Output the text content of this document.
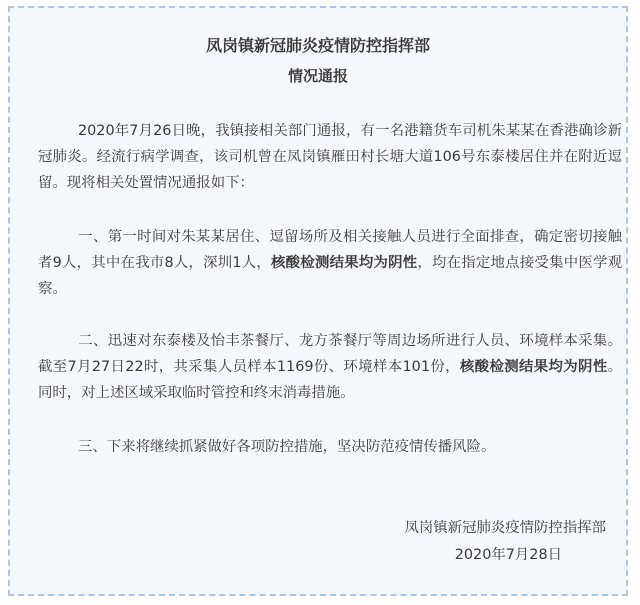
凤岗镇新冠肺炎疫情防控指挥部
情况通报
2020年7月26日晚，我镇接相关部门通报，有一名港籍货车司机朱某某在香港确诊新冠肺炎。经流行病学调查，该司机曾在凤岗镇雁田村长塘大道106号东泰楼居住并在附近逗留。现将相关处置情况通报如下：
一、第一时间对朱某某居住、逗留场所及相关接触人员进行全面排查，确定密切接触者9人，其中在我市8人，深圳1人，核酸检测结果均为阴性，均在指定地点接受集中医学观察。
二、迅速对东泰楼及怡丰茶餐厅、龙方茶餐厅等周边场所进行人员、环境样本采集。截至7月27日22时，共采集人员样本1169份、环境样本101份，核酸检测结果均为阴性。同时，对上述区域采取临时管控和终末消毒措施。
三、下来将继续抓紧做好各项防控措施，坚决防范疫情传播风险。
凤岗镇新冠肺炎疫情防控指挥部
2020年7月28日
